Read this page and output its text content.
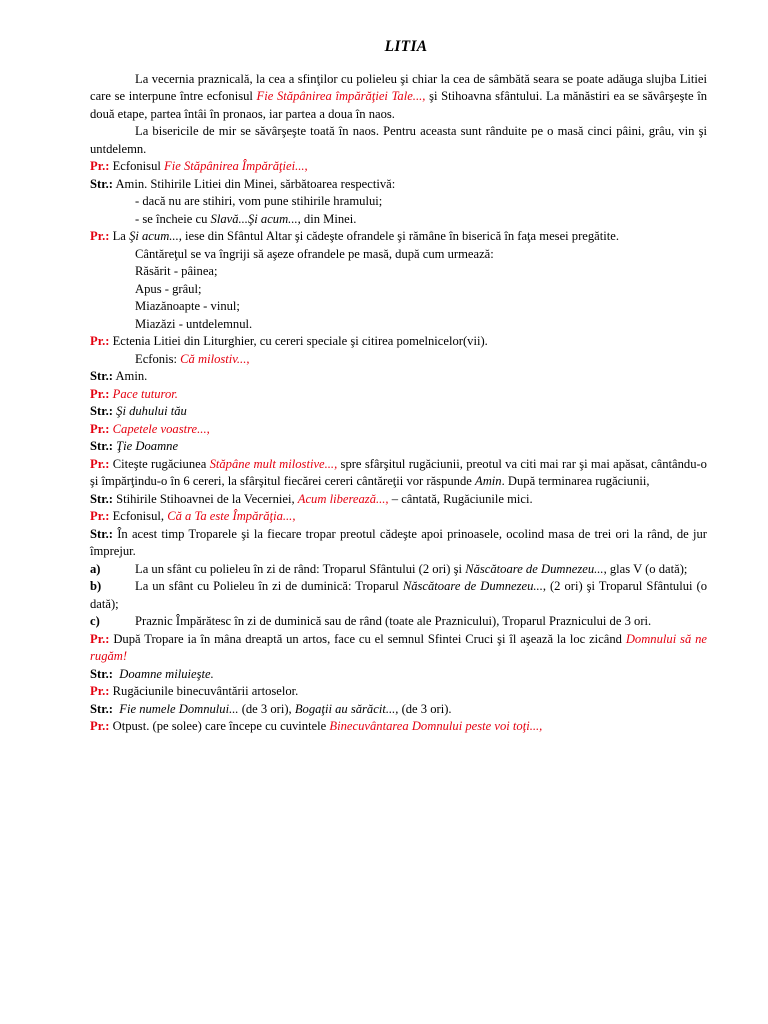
LITIA

La vecernia praznicală, la cea a sfinţilor cu polieleu şi chiar la cea de sâmbătă seara se poate adăuga slujba Litiei care se interpune între ecfonisul Fie Stăpânirea împărăţiei Tale..., şi Stihoavna sfântului. La mănăstiri ea se săvârşeşte în două etape, partea întâi în pronaos, iar partea a doua în naos.

La bisericile de mir se săvârşeşte toată în naos. Pentru aceasta sunt rânduite pe o masă cinci pâini, grâu, vin şi untdelemn.

Pr.: Ecfonisul Fie Stăpânirea Împărăţiei...,

Str.: Amin. Stihirile Litiei din Minei, sărbătoarea respectivă:

- dacă nu are stihiri, vom pune stihirile hramului;

- se încheie cu Slavă...Şi acum..., din Minei.

Pr.: La Şi acum..., iese din Sfântul Altar şi cădeşte ofrandele şi rămâne în biserică în faţa mesei pregătite.

Cântăreţul se va îngriji să aşeze ofrandele pe masă, după cum urmează:

Răsărit - pâinea;

Apus - grâul;

Miazănoapte - vinul;

Miazăzi - untdelemnul.

Pr.: Ectenia Litiei din Liturghier, cu cereri speciale şi citirea pomelnicelor(vii).

Ecfonis: Că milostiv...,

Str.: Amin.

Pr.: Pace tuturor.

Str.: Şi duhului tău

Pr.: Capetele voastre...,

Str.: Ţie Doamne

Pr.: Citeşte rugăciunea Stăpâne mult milostive..., spre sfârşitul rugăciunii, preotul va citi mai rar şi mai apăsat, cântându-o şi împărţindu-o în 6 cereri, la sfârşitul fiecărei cereri cântăreţii vor răspunde Amin. După terminarea rugăciunii,

Str.: Stihirile Stihoavnei de la Vecerniei, Acum liberează..., – cântată, Rugăciunile mici.

Pr.: Ecfonisul, Că a Ta este Împărăţia...,

Str.: În acest timp Troparele şi la fiecare tropar preotul cădeşte apoi prinoasele, ocolind masa de trei ori la rând, de jur împrejur.

a)	La un sfânt cu polieleu în zi de rând: Troparul Sfântului (2 ori) şi Născătoare de Dumnezeu..., glas V (o dată);

b)	La un sfânt cu Polieleu în zi de duminică: Troparul Născătoare de Dumnezeu..., (2 ori) şi Troparul Sfântului (o dată);

c)	Praznic Împărătesc în zi de duminică sau de rând (toate ale Praznicului), Troparul Praznicului de 3 ori.

Pr.: După Tropare ia în mâna dreaptă un artos, face cu el semnul Sfintei Cruci şi îl aşează la loc zicând Domnului să ne rugăm!

Str.: Doamne miluieşte.

Pr.: Rugăciunile binecuvântării artoselor.

Str.: Fie numele Domnului... (de 3 ori), Bogaţii au sărăcit..., (de 3 ori).

Pr.: Otpust. (pe solee) care începe cu cuvintele Binecuvântarea Domnului peste voi toţi...,
